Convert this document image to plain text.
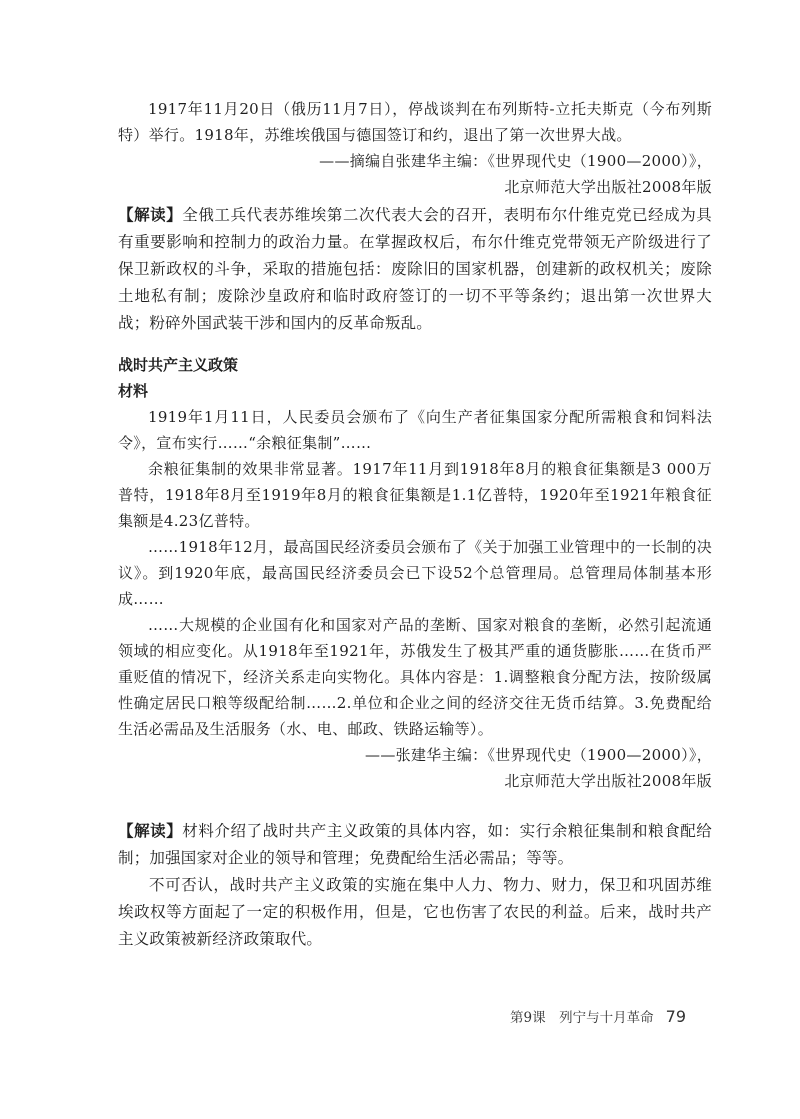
1917年11月20日（俄历11月7日），停战谈判在布列斯特-立托夫斯克（今布列斯特）举行。1918年，苏维埃俄国与德国签订和约，退出了第一次世界大战。

——摘编自张建华主编：《世界现代史（1900—2000）》，

北京师范大学出版社2008年版

【解读】全俄工兵代表苏维埃第二次代表大会的召开，表明布尔什维克党已经成为具有重要影响和控制力的政治力量。在掌握政权后，布尔什维克党带领无产阶级进行了保卫新政权的斗争，采取的措施包括：废除旧的国家机器，创建新的政权机关；废除土地私有制；废除沙皇政府和临时政府签订的一切不平等条约；退出第一次世界大战；粉碎外国武装干涉和国内的反革命叛乱。

战时共产主义政策

材料

1919年1月11日，人民委员会颁布了《向生产者征集国家分配所需粮食和饲料法令》，宣布实行……“余粮征集制”……

余粮征集制的效果非常显著。1917年11月到1918年8月的粮食征集额是3 000万普特，1918年8月至1919年8月的粮食征集额是1.1亿普特，1920年至1921年粮食征集额是4.23亿普特。

……1918年12月，最高国民经济委员会颁布了《关于加强工业管理中的一长制的决议》。到1920年底，最高国民经济委员会已下设52个总管理局。总管理局体制基本形成……

……大规模的企业国有化和国家对产品的垄断、国家对粮食的垄断，必然引起流通领域的相应变化。从1918年至1921年，苏俄发生了极其严重的通货膨胀……在货币严重贬值的情况下，经济关系走向实物化。具体内容是：1.调整粮食分配方法，按阶级属性确定居民口粮等级配给制……2.单位和企业之间的经济交往无货币结算。3.免费配给生活必需品及生活服务（水、电、邮政、铁路运输等）。

——张建华主编：《世界现代史（1900—2000）》，

北京师范大学出版社2008年版

【解读】材料介绍了战时共产主义政策的具体内容，如：实行余粮征集制和粮食配给制；加强国家对企业的领导和管理；免费配给生活必需品；等等。

不可否认，战时共产主义政策的实施在集中人力、物力、财力，保卫和巩固苏维埃政权等方面起了一定的积极作用，但是，它也伤害了农民的利益。后来，战时共产主义政策被新经济政策取代。

第9课　列宁与十月革命 79
